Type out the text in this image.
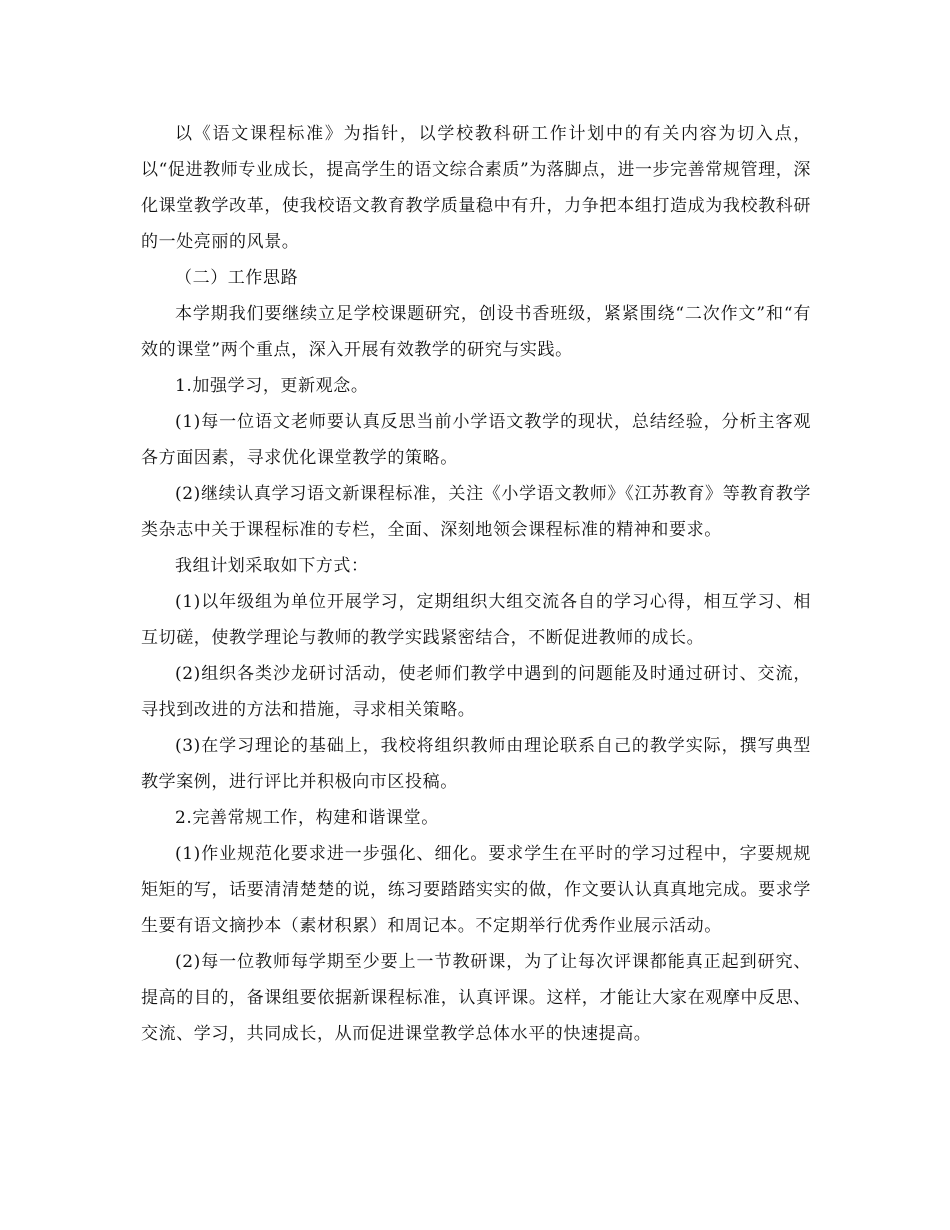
以《语文课程标准》为指针，以学校教科研工作计划中的有关内容为切入点，以“促进教师专业成长，提高学生的语文综合素质”为落脚点，进一步完善常规管理，深化课堂教学改革，使我校语文教育教学质量稳中有升，力争把本组打造成为我校教科研的一处亮丽的风景。

（二）工作思路

本学期我们要继续立足学校课题研究，创设书香班级，紧紧围绕“二次作文”和“有效的课堂”两个重点，深入开展有效教学的研究与实践。

1.加强学习，更新观念。

(1)每一位语文老师要认真反思当前小学语文教学的现状，总结经验，分析主客观各方面因素，寻求优化课堂教学的策略。

(2)继续认真学习语文新课程标准，关注《小学语文教师》《江苏教育》等教育教学类杂志中关于课程标准的专栏，全面、深刻地领会课程标准的精神和要求。

我组计划采取如下方式：

(1)以年级组为单位开展学习，定期组织大组交流各自的学习心得，相互学习、相互切磋，使教学理论与教师的教学实践紧密结合，不断促进教师的成长。

(2)组织各类沙龙研讨活动，使老师们教学中遇到的问题能及时通过研讨、交流，寻找到改进的方法和措施，寻求相关策略。

(3)在学习理论的基础上，我校将组织教师由理论联系自己的教学实际，撰写典型教学案例，进行评比并积极向市区投稿。

2.完善常规工作，构建和谐课堂。

(1)作业规范化要求进一步强化、细化。要求学生在平时的学习过程中，字要规规矩矩的写，话要清清楚楚的说，练习要踏踏实实的做，作文要认认真真地完成。要求学生要有语文摘抄本（素材积累）和周记本。不定期举行优秀作业展示活动。

(2)每一位教师每学期至少要上一节教研课，为了让每次评课都能真正起到研究、提高的目的，备课组要依据新课程标准，认真评课。这样，才能让大家在观摩中反思、交流、学习，共同成长，从而促进课堂教学总体水平的快速提高。
